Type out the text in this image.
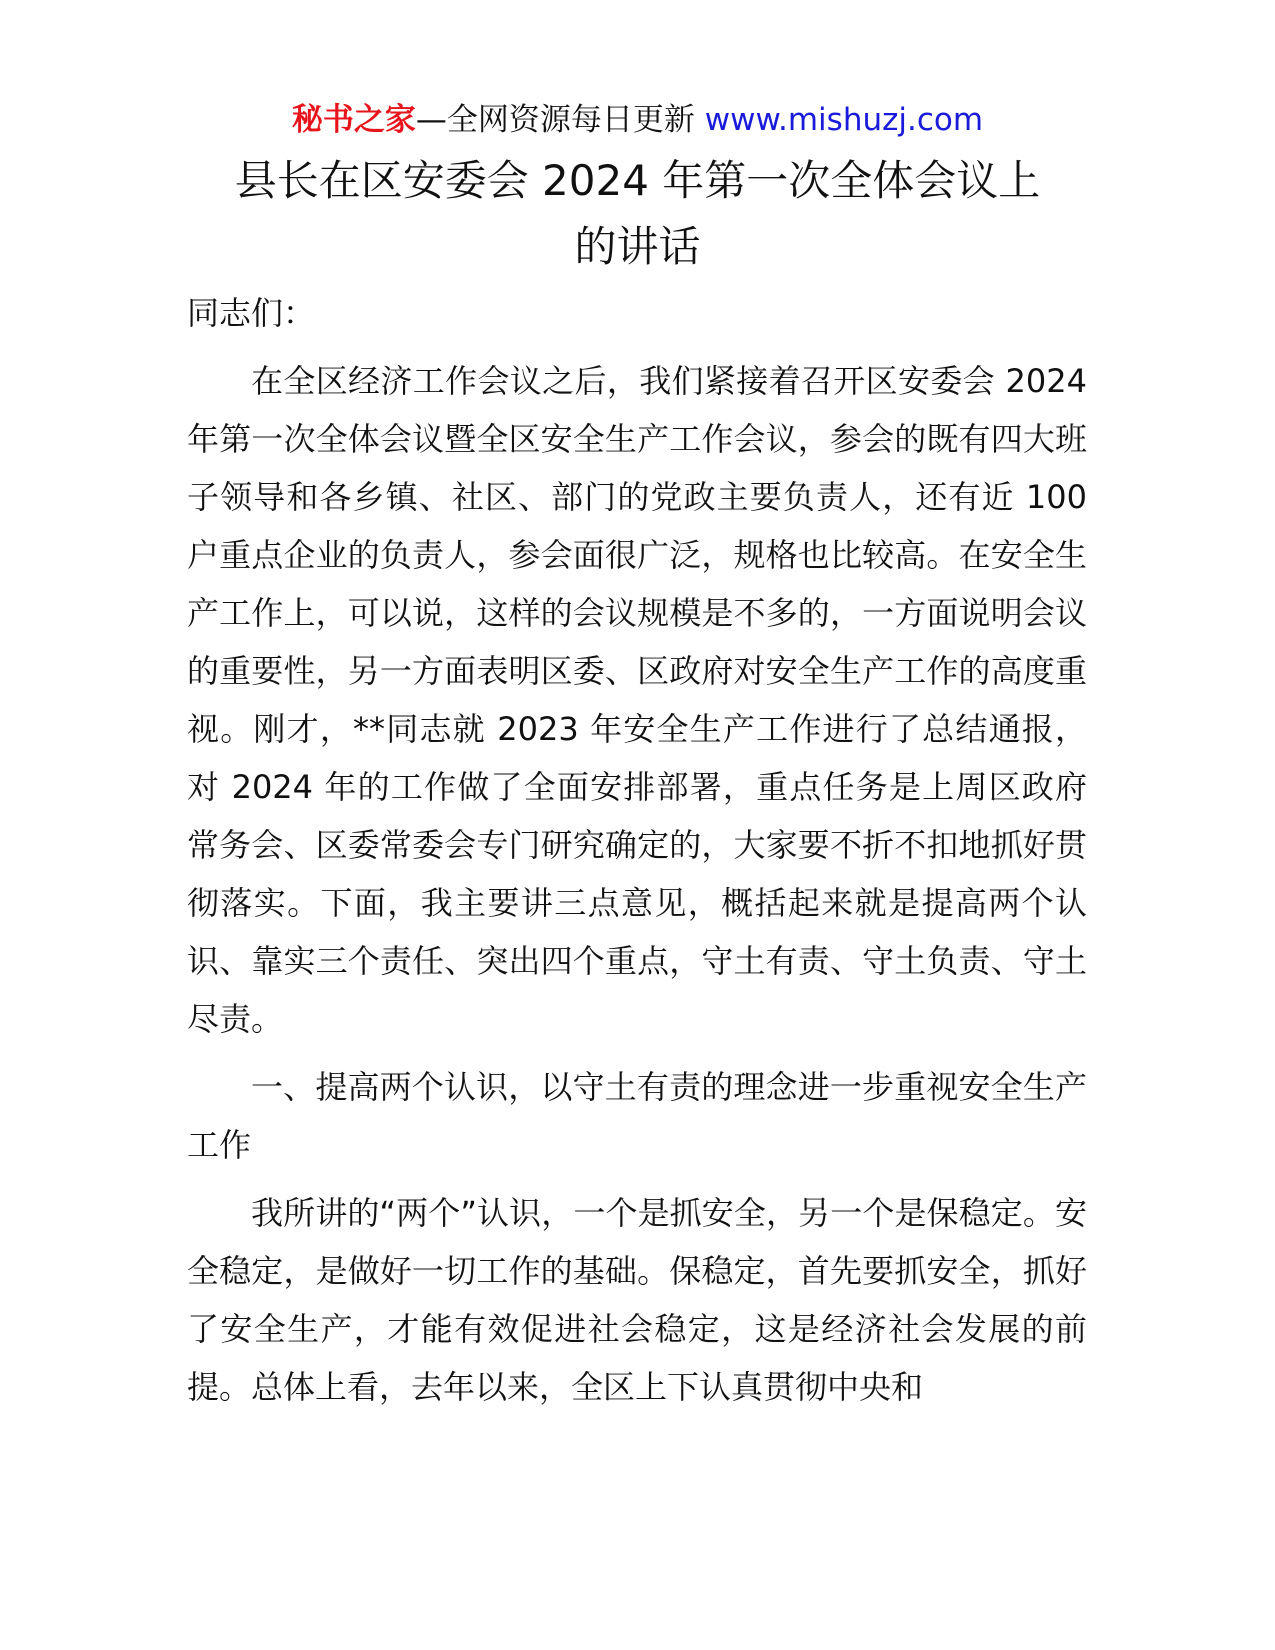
秘书之家—全网资源每日更新 www.mishuzj.com
县长在区安委会 2024 年第一次全体会议上
的讲话
同志们：

在全区经济工作会议之后，我们紧接着召开区安委会 2024 年第一次全体会议暨全区安全生产工作会议，参会的既有四大班子领导和各乡镇、社区、部门的党政主要负责人，还有近 100 户重点企业的负责人，参会面很广泛，规格也比较高。在安全生产工作上，可以说，这样的会议规模是不多的，一方面说明会议的重要性，另一方面表明区委、区政府对安全生产工作的高度重视。刚才，**同志就 2023 年安全生产工作进行了总结通报，对 2024 年的工作做了全面安排部署，重点任务是上周区政府常务会、区委常委会专门研究确定的，大家要不折不扣地抓好贯彻落实。下面，我主要讲三点意见，概括起来就是提高两个认识、靠实三个责任、突出四个重点，守土有责、守土负责、守土尽责。

一、提高两个认识，以守土有责的理念进一步重视安全生产工作

我所讲的“两个”认识，一个是抓安全，另一个是保稳定。安全稳定，是做好一切工作的基础。保稳定，首先要抓安全，抓好了安全生产，才能有效促进社会稳定，这是经济社会发展的前提。总体上看，去年以来，全区上下认真贯彻中央和
